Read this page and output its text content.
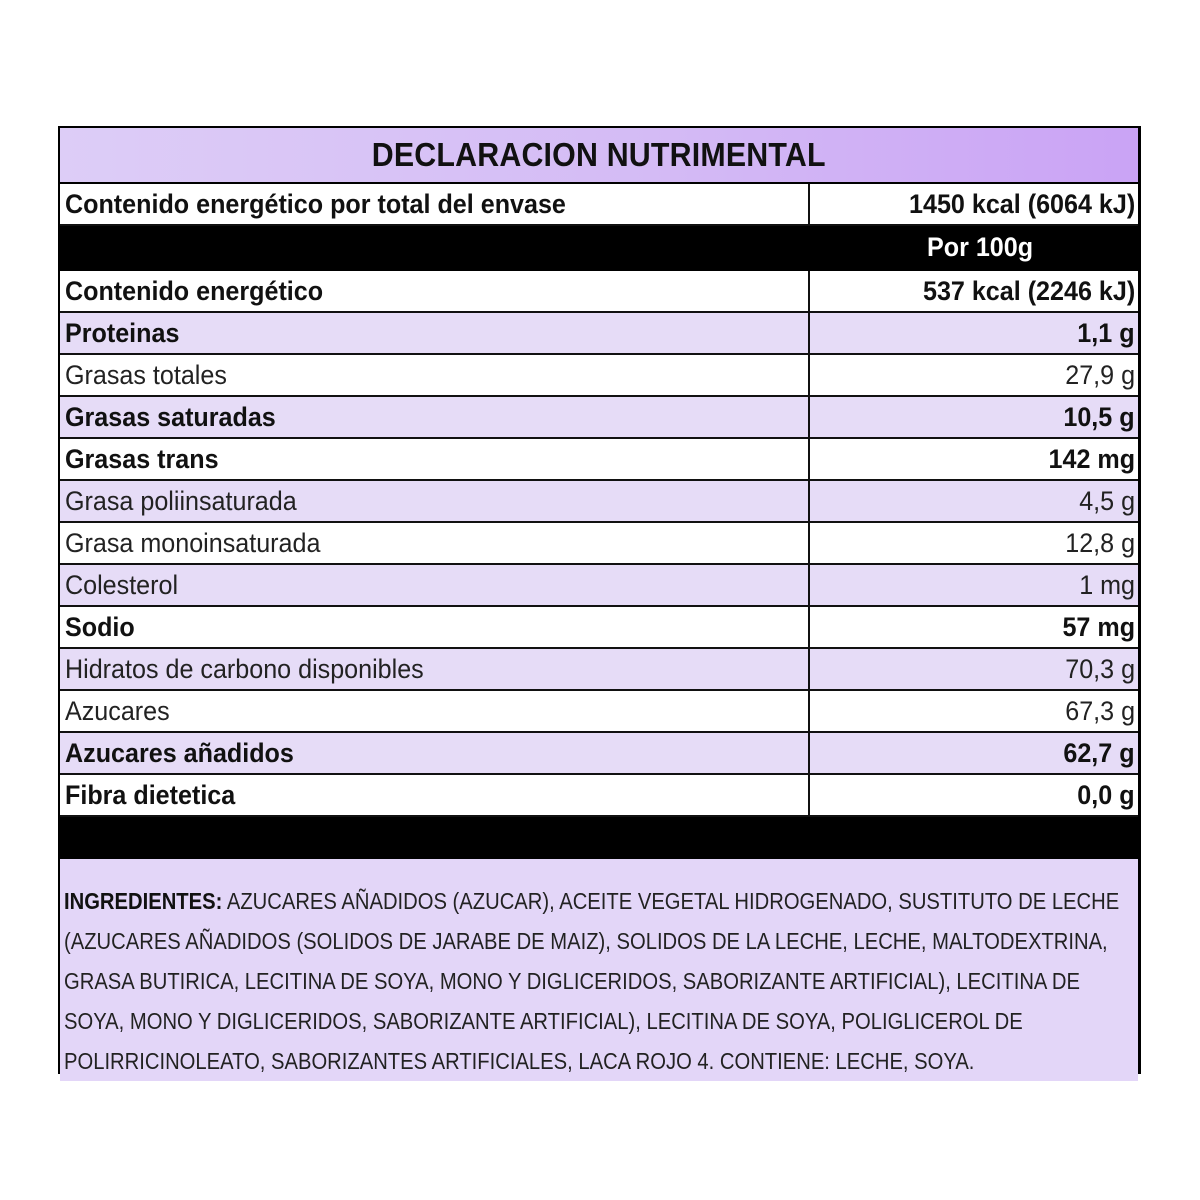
DECLARACION NUTRIMENTAL
Contenido energético por total del envase	1450 kcal (6064 kJ)
Por 100g
Contenido energético	537 kcal (2246 kJ)
Proteinas	1,1 g
Grasas totales	27,9 g
Grasas saturadas	10,5 g
Grasas trans	142 mg
Grasa poliinsaturada	4,5 g
Grasa monoinsaturada	12,8 g
Colesterol	1 mg
Sodio	57 mg
Hidratos de carbono disponibles	70,3 g
Azucares	67,3 g
Azucares añadidos	62,7 g
Fibra dietetica	0,0 g
INGREDIENTES: AZUCARES AÑADIDOS (AZUCAR), ACEITE VEGETAL HIDROGENADO, SUSTITUTO DE LECHE (AZUCARES AÑADIDOS (SOLIDOS DE JARABE DE MAIZ), SOLIDOS DE LA LECHE, LECHE, MALTODEXTRINA, GRASA BUTIRICA, LECITINA DE SOYA, MONO Y DIGLICERIDOS, SABORIZANTE ARTIFICIAL), LECITINA DE SOYA, MONO Y DIGLICERIDOS, SABORIZANTE ARTIFICIAL), LECITINA DE SOYA, POLIGLICEROL DE POLIRRICINOLEATO, SABORIZANTES ARTIFICIALES, LACA ROJO 4. CONTIENE: LECHE, SOYA.
